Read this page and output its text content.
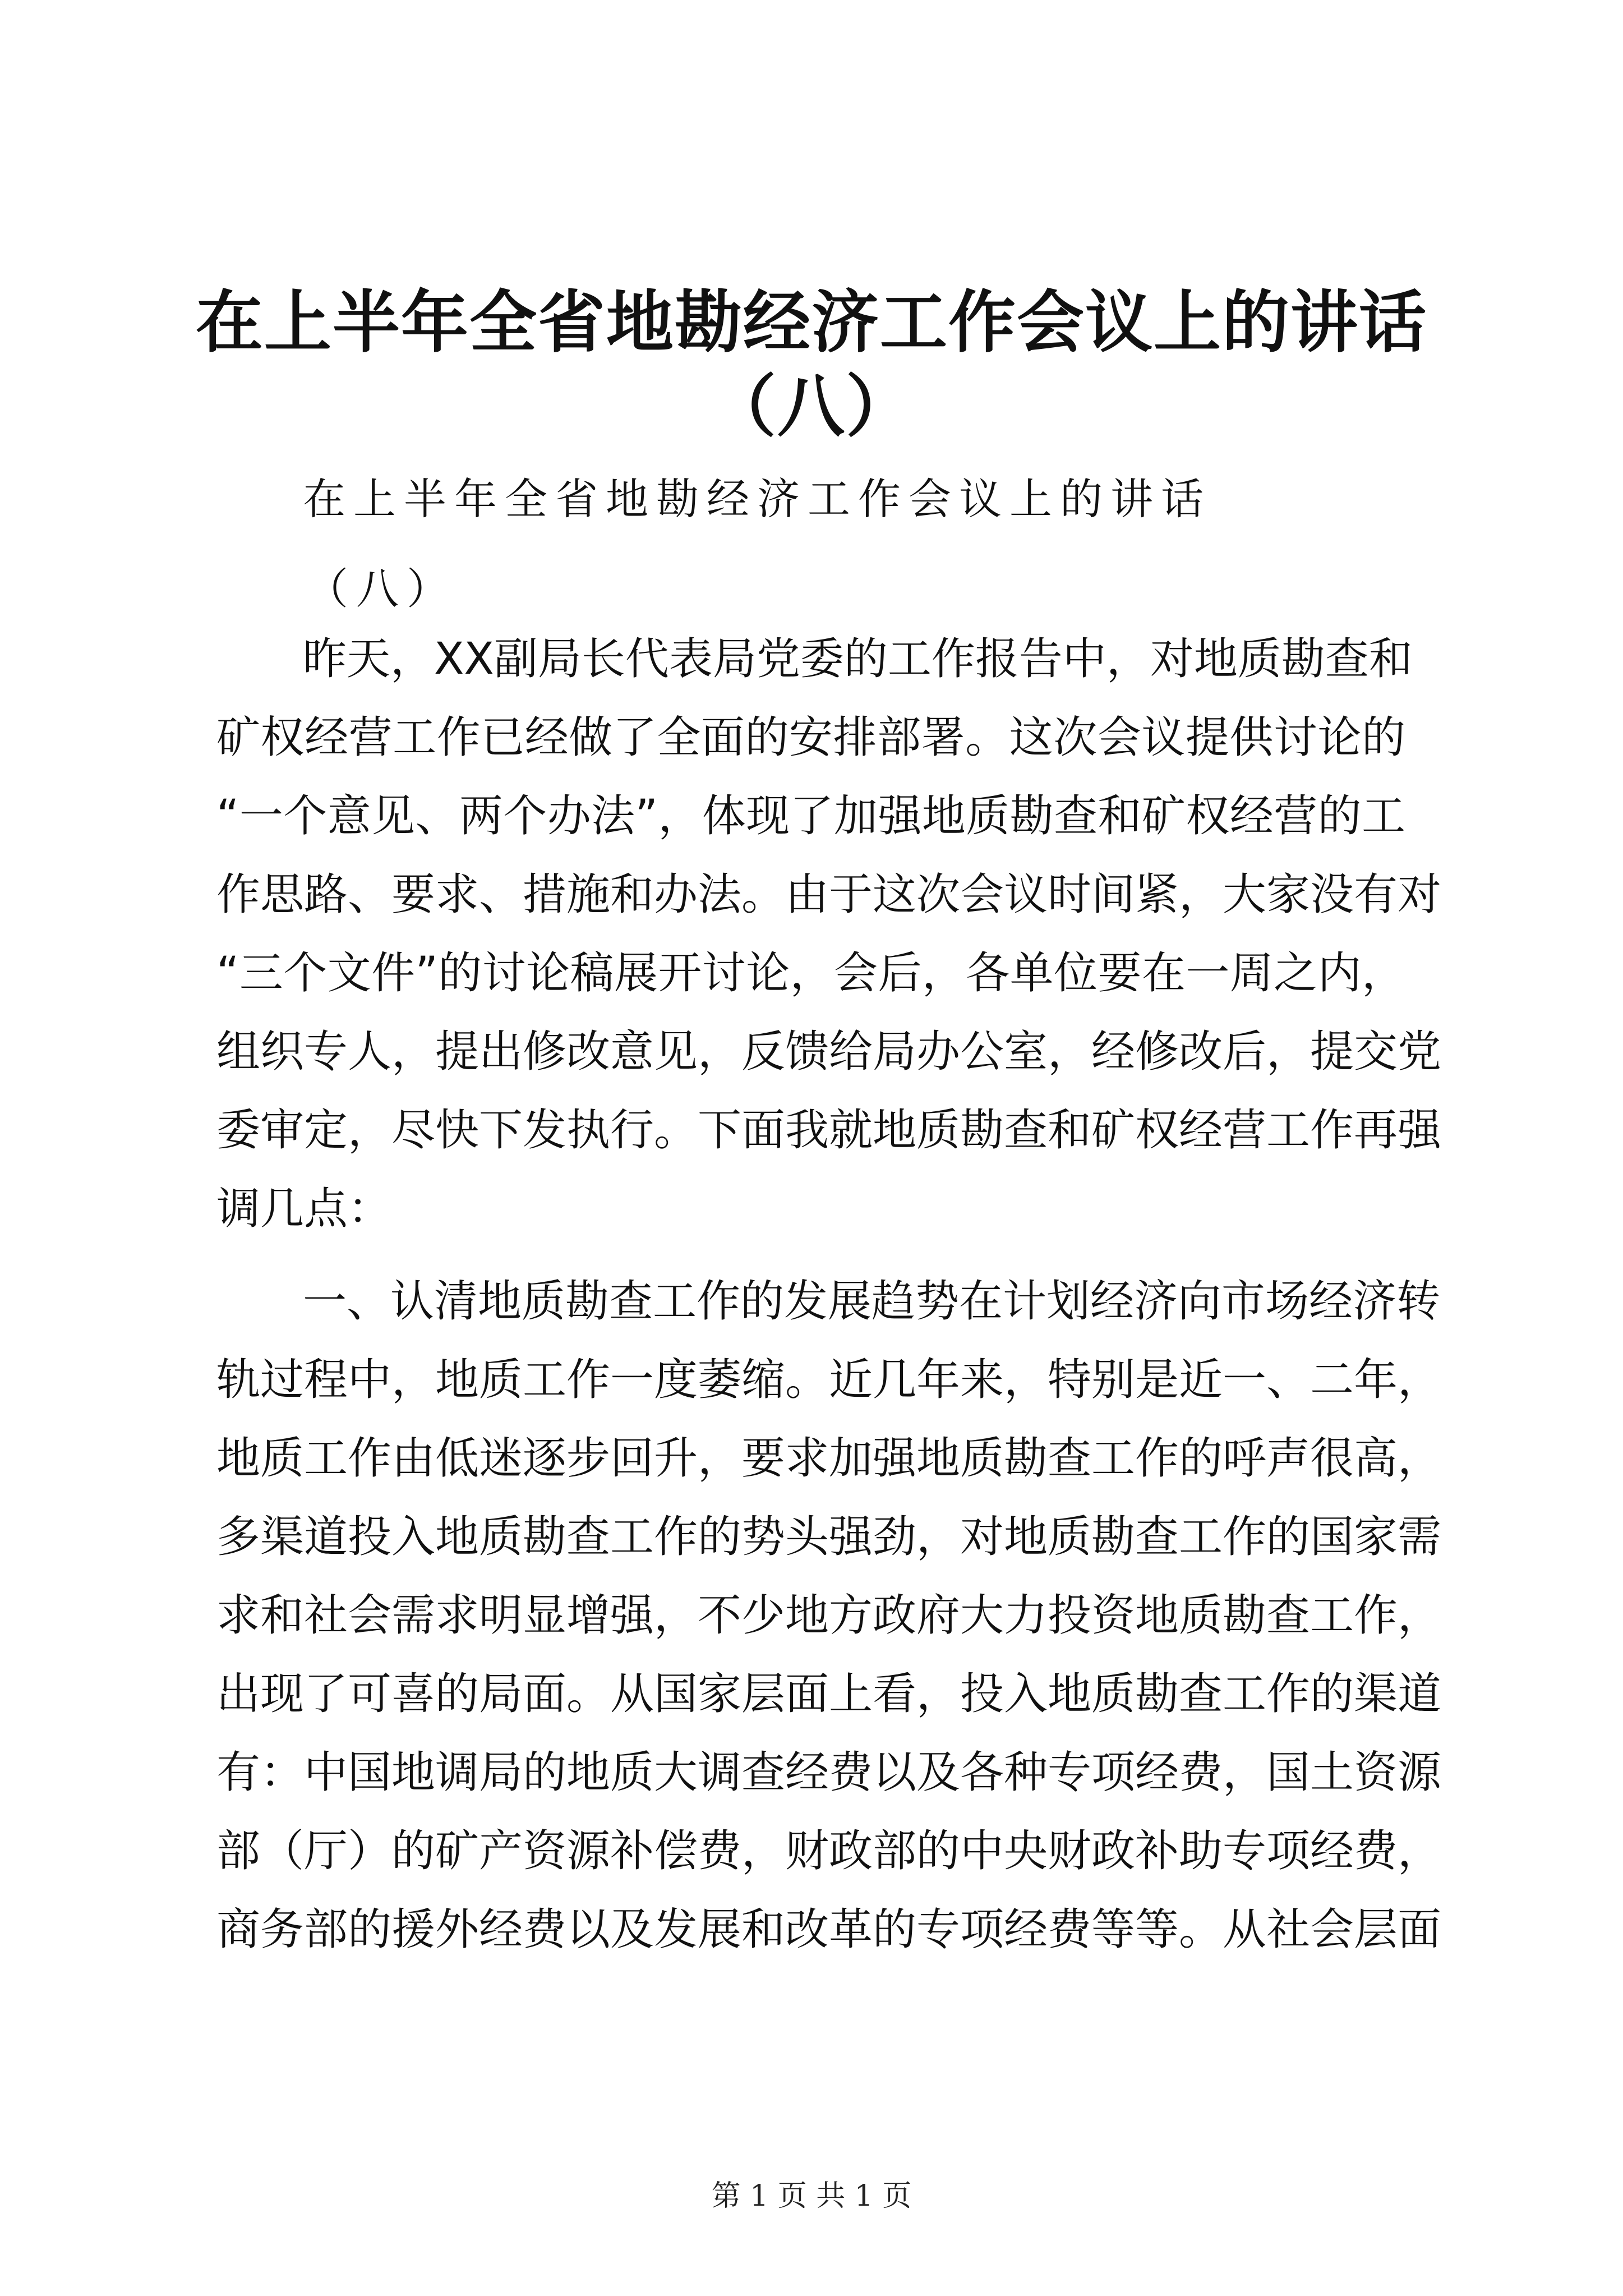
在上半年全省地勘经济工作会议上的讲话
（八）
在上半年全省地勘经济工作会议上的讲话
（八）
昨天，XX副局长代表局党委的工作报告中，对地质勘查和
矿权经营工作已经做了全面的安排部署。这次会议提供讨论的
“一个意见、两个办法”，体现了加强地质勘查和矿权经营的工
作思路、要求、措施和办法。由于这次会议时间紧，大家没有对
“三个文件”的讨论稿展开讨论，会后，各单位要在一周之内，
组织专人，提出修改意见，反馈给局办公室，经修改后，提交党
委审定，尽快下发执行。下面我就地质勘查和矿权经营工作再强
调几点：
一、认清地质勘查工作的发展趋势在计划经济向市场经济转
轨过程中，地质工作一度萎缩。近几年来，特别是近一、二年，
地质工作由低迷逐步回升，要求加强地质勘查工作的呼声很高，
多渠道投入地质勘查工作的势头强劲，对地质勘查工作的国家需
求和社会需求明显增强，不少地方政府大力投资地质勘查工作，
出现了可喜的局面。从国家层面上看，投入地质勘查工作的渠道
有：中国地调局的地质大调查经费以及各种专项经费，国土资源
部（厅）的矿产资源补偿费，财政部的中央财政补助专项经费，
商务部的援外经费以及发展和改革的专项经费等等。从社会层面
第 1 页 共 1 页
